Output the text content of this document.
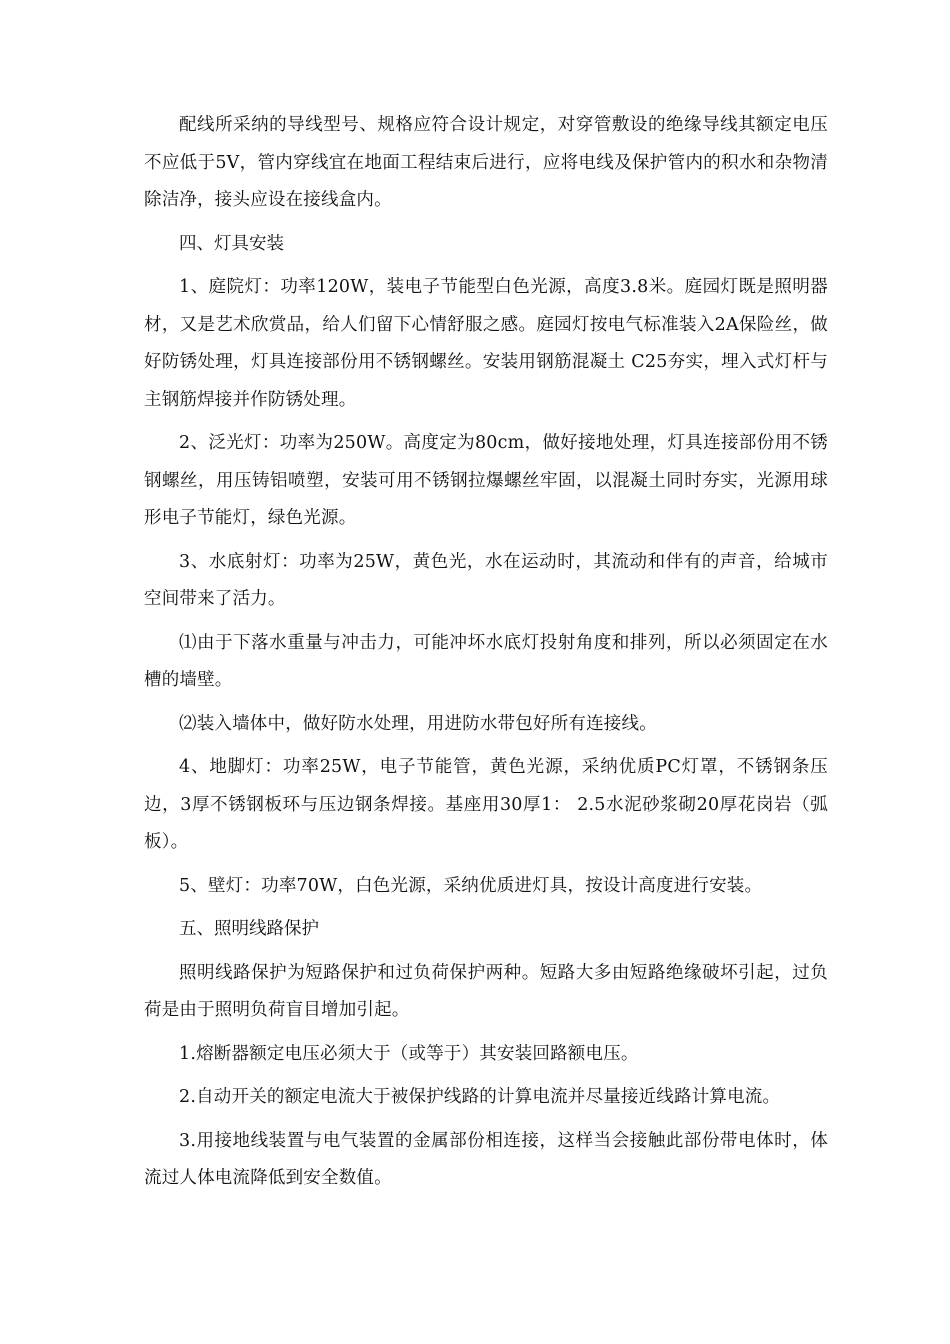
配线所采纳的导线型号、规格应符合设计规定，对穿管敷设的绝缘导线其额定电压不应低于5V，管内穿线宜在地面工程结束后进行，应将电线及保护管内的积水和杂物清除洁净，接头应设在接线盒内。

四、灯具安装

1、庭院灯：功率120W，装电子节能型白色光源，高度3.8米。庭园灯既是照明器材，又是艺术欣赏品，给人们留下心情舒服之感。庭园灯按电气标准装入2A保险丝，做好防锈处理，灯具连接部份用不锈钢螺丝。安装用钢筋混凝土 C25夯实，埋入式灯杆与主钢筋焊接并作防锈处理。

2、泛光灯：功率为250W。高度定为80cm，做好接地处理，灯具连接部份用不锈钢螺丝，用压铸铝喷塑，安装可用不锈钢拉爆螺丝牢固，以混凝土同时夯实，光源用球形电子节能灯，绿色光源。

3、水底射灯：功率为25W，黄色光，水在运动时，其流动和伴有的声音，给城市空间带来了活力。

⑴由于下落水重量与冲击力，可能冲坏水底灯投射角度和排列，所以必须固定在水槽的墙壁。

⑵装入墙体中，做好防水处理，用进防水带包好所有连接线。

4、地脚灯：功率25W，电子节能管，黄色光源，采纳优质PC灯罩，不锈钢条压边，3厚不锈钢板环与压边钢条焊接。基座用30厚1： 2.5水泥砂浆砌20厚花岗岩（弧板）。

5、壁灯：功率70W，白色光源，采纳优质进灯具，按设计高度进行安装。

五、照明线路保护

照明线路保护为短路保护和过负荷保护两种。短路大多由短路绝缘破坏引起，过负荷是由于照明负荷盲目增加引起。

1.熔断器额定电压必须大于（或等于）其安装回路额电压。

2.自动开关的额定电流大于被保护线路的计算电流并尽量接近线路计算电流。

3.用接地线装置与电气装置的金属部份相连接，这样当会接触此部份带电体时，体流过人体电流降低到安全数值。
